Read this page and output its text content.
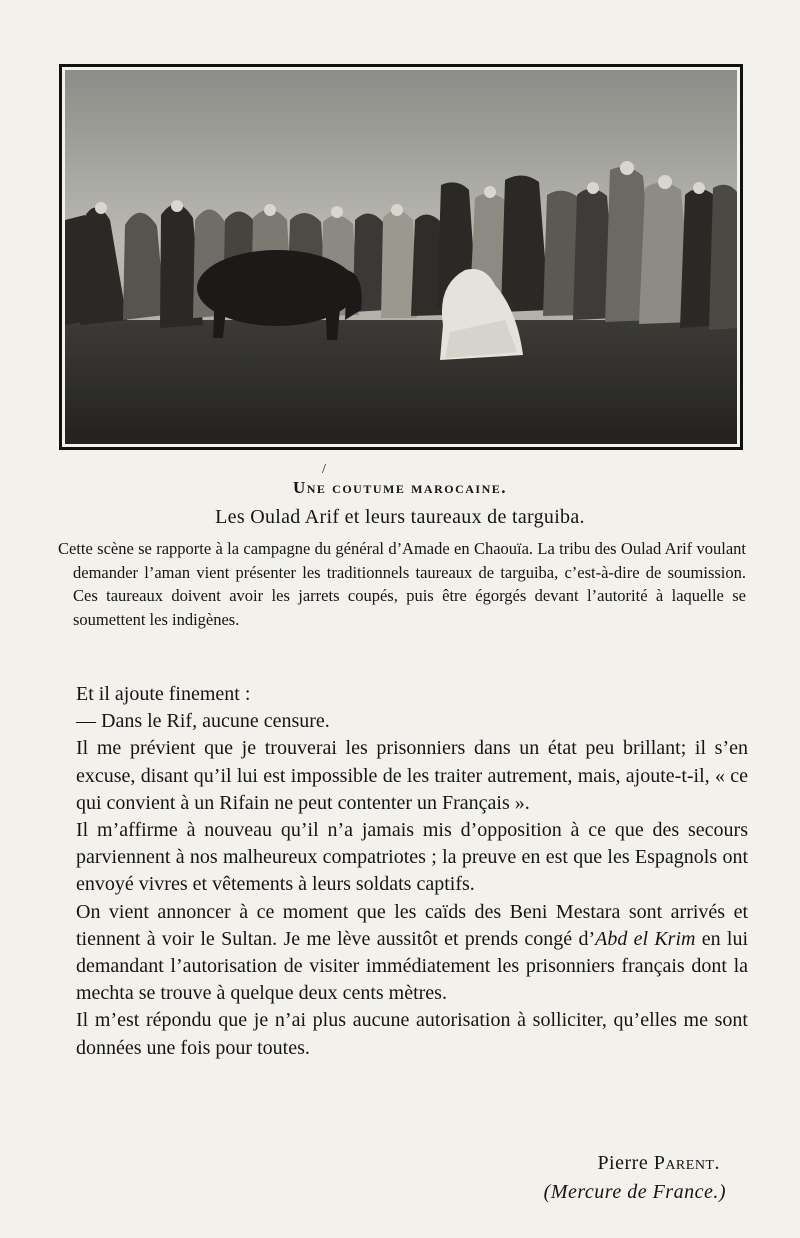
/
Une coutume marocaine.
Les Oulad Arif et leurs taureaux de targuiba.

Cette scène se rapporte à la campagne du général d’Amade en Chaouïa. La tribu des Oulad Arif voulant demander l’aman vient présenter les traditionnels taureaux de targuiba, c’est-à-dire de soumission. Ces taureaux doivent avoir les jarrets coupés, puis être égorgés devant l’autorité à laquelle se soumettent les indigènes.

Et il ajoute finement :

— Dans le Rif, aucune censure.

Il me prévient que je trouverai les prisonniers dans un état peu brillant; il s’en excuse, disant qu’il lui est impossible de les traiter autrement, mais, ajoute-t-il, « ce qui convient à un Rifain ne peut contenter un Français ».

Il m’affirme à nouveau qu’il n’a jamais mis d’opposition à ce que des secours parviennent à nos malheureux compatriotes ; la preuve en est que les Espagnols ont envoyé vivres et vêtements à leurs soldats captifs.

On vient annoncer à ce moment que les caïds des Beni Mestara sont arrivés et tiennent à voir le Sultan. Je me lève aussitôt et prends congé d’Abd el Krim en lui demandant l’autorisation de visiter immédiatement les prisonniers français dont la mechta se trouve à quelque deux cents mètres.

Il m’est répondu que je n’ai plus aucune autorisation à solliciter, qu’elles me sont données une fois pour toutes.

Pierre Parent.
(Mercure de France.)
